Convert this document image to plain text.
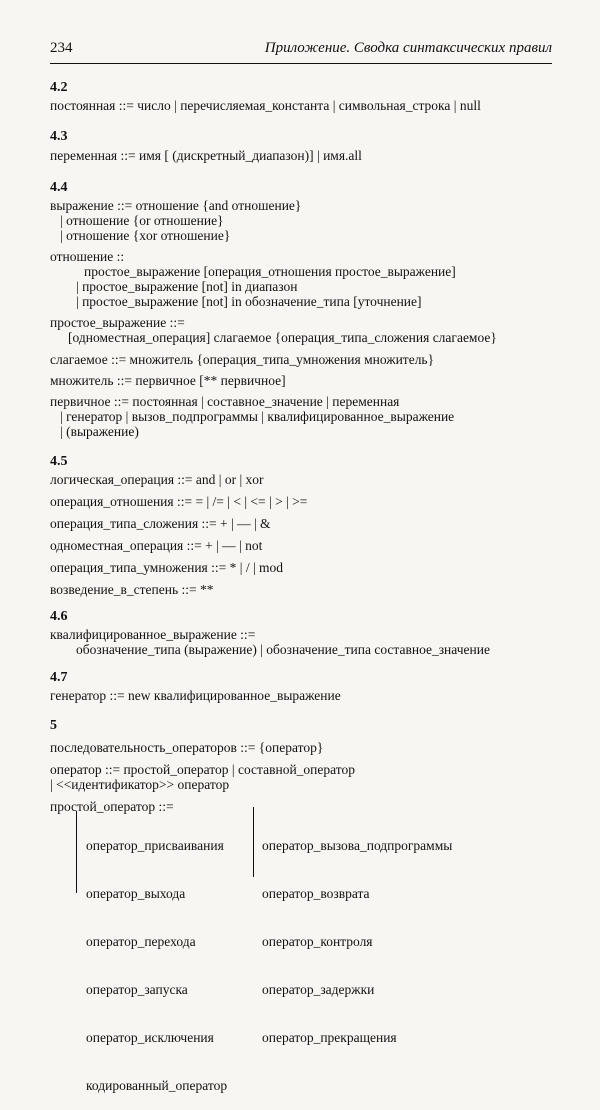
234	Приложение. Сводка синтаксических правил
4.2
постоянная ::= число | перечисляемая_константа | символьная_строка | null
4.3
переменная ::= имя [ (дискретный_диапазон)] | имя.all
4.4
выражение ::= отношение {and отношение}
| отношение {or отношение}
| отношение {xor отношение}
отношение ::
простое_выражение [операция_отношения простое_выражение]
| простое_выражение [not] in диапазон
| простое_выражение [not] in обозначение_типа [уточнение]
простое_выражение ::=
[одноместная_операция] слагаемое {операция_типа_сложения слагаемое}
слагаемое ::= множитель {операция_типа_умножения множитель}
множитель ::= первичное [** первичное]
первичное ::= постоянная | составное_значение | переменная
| генератор | вызов_подпрограммы | квалифицированное_выражение
| (выражение)
4.5
логическая_операция ::= and | or | xor
операция_отношения ::= = | /= | < | <= | > | >=
операция_типа_сложения ::= + | — | &
одноместная_операция ::= + | — | not
операция_типа_умножения ::= * | / | mod
возведение_в_степень ::= **
4.6
квалифицированное_выражение ::=
обозначение_типа (выражение) | обозначение_типа составное_значение
4.7
генератор ::= new квалифицированное_выражение
5
последовательность_операторов ::= {оператор}
оператор ::= простой_оператор | составной_оператор
| <<идентификатор>> оператор
простой_оператор ::=

оператор_присваивания

оператор_выхода

оператор_перехода

оператор_запуска

оператор_исключения

кодированный_оператор

оператор_вызова_подпрограммы

оператор_возврата

оператор_контроля

оператор_задержки

оператор_прекращения
